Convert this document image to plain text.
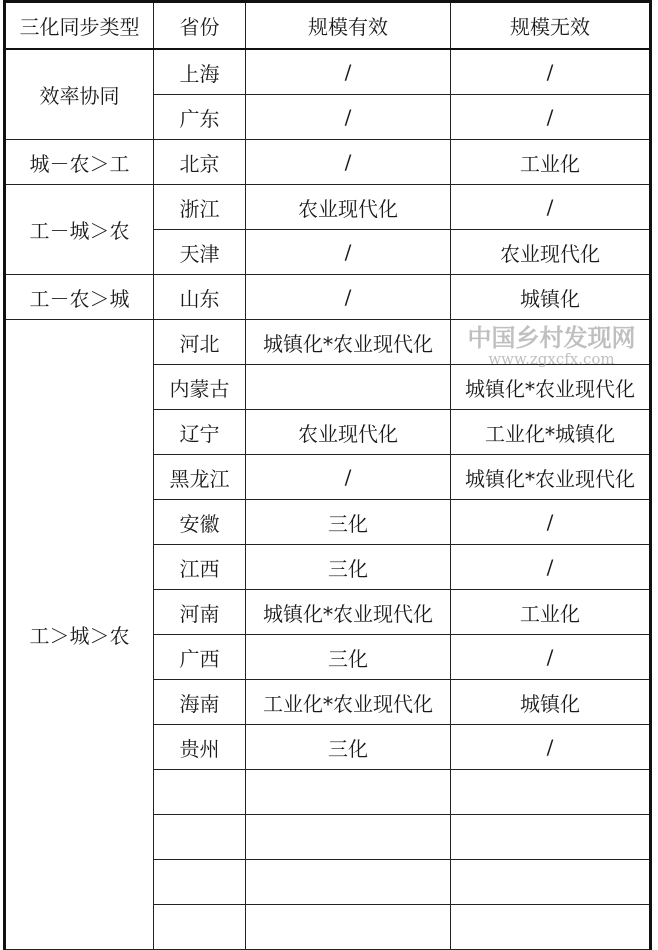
三化同步类型	省份	规模有效	规模无效
效率协同	上海	/	/
	广东	/	/
城－农＞工	北京	/	工业化
工－城＞农	浙江	农业现代化	/
	天津	/	农业现代化
工－农＞城	山东	/	城镇化
工＞城＞农	河北	城镇化*农业现代化	
	内蒙古		城镇化*农业现代化
	辽宁	农业现代化	工业化*城镇化
	黑龙江	/	城镇化*农业现代化
	安徽	三化	/
	江西	三化	/
	河南	城镇化*农业现代化	工业化
	广西	三化	/
	海南	工业化*农业现代化	城镇化
	贵州	三化	/

中国乡村发现网
www.zgxcfx.com
